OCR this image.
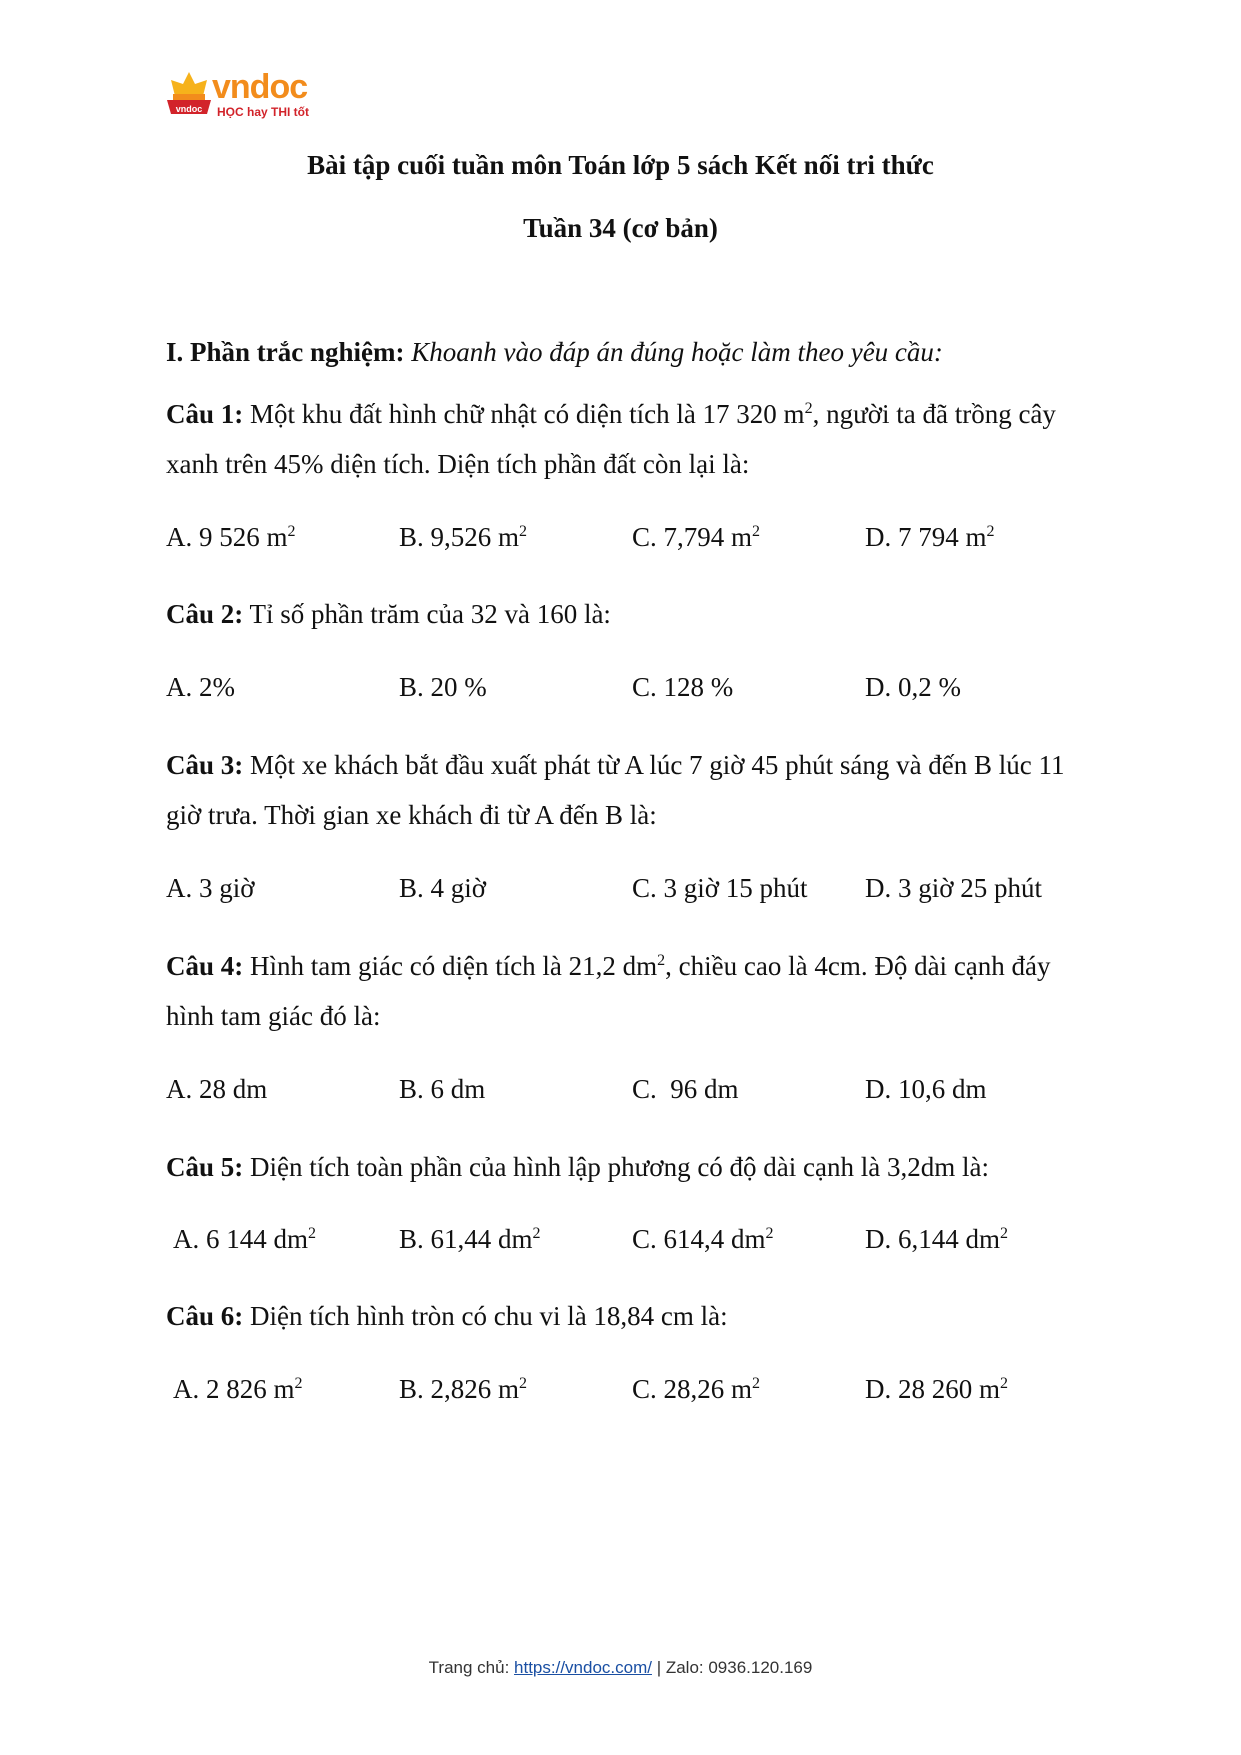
vndoc
vndoc
HỌC hay THI tốt
Bài tập cuối tuần môn Toán lớp 5 sách Kết nối tri thức
Tuần 34 (cơ bản)
I. Phần trắc nghiệm: Khoanh vào đáp án đúng hoặc làm theo yêu cầu:
Câu 1: Một khu đất hình chữ nhật có diện tích là 17 320 $m^2$, người ta đã trồng cây xanh trên 45% diện tích. Diện tích phần đất còn lại là:
A. 9 526 $m^2$	B. 9,526 $m^2$	C. 7,794 $m^2$	D. 7 794 $m^2$
Câu 2: Tỉ số phần trăm của 32 và 160 là:
A. 2%	B. 20 %	C. 128 %	D. 0,2 %
Câu 3: Một xe khách bắt đầu xuất phát từ A lúc 7 giờ 45 phút sáng và đến B lúc 11 giờ trưa. Thời gian xe khách đi từ A đến B là:
A. 3 giờ	B. 4 giờ	C. 3 giờ 15 phút D. 3 giờ 25 phút
Câu 4: Hình tam giác có diện tích là 21,2 $dm^2$, chiều cao là 4cm. Độ dài cạnh đáy hình tam giác đó là:
A. 28 dm	B. 6 dm	C.  96 dm	D. 10,6 dm
Câu 5: Diện tích toàn phần của hình lập phương có độ dài cạnh là 3,2dm là:
A. 6 144 $dm^2$	B. 61,44 $dm^2$	C. 614,4 $dm^2$	D. 6,144 $dm^2$
Câu 6: Diện tích hình tròn có chu vi là 18,84 cm là:
A. 2 826 $m^2$	B. 2,826 $m^2$	C. 28,26 $m^2$	D. 28 260 $m^2$
Trang chủ: https://vndoc.com/ | Zalo: 0936.120.169
